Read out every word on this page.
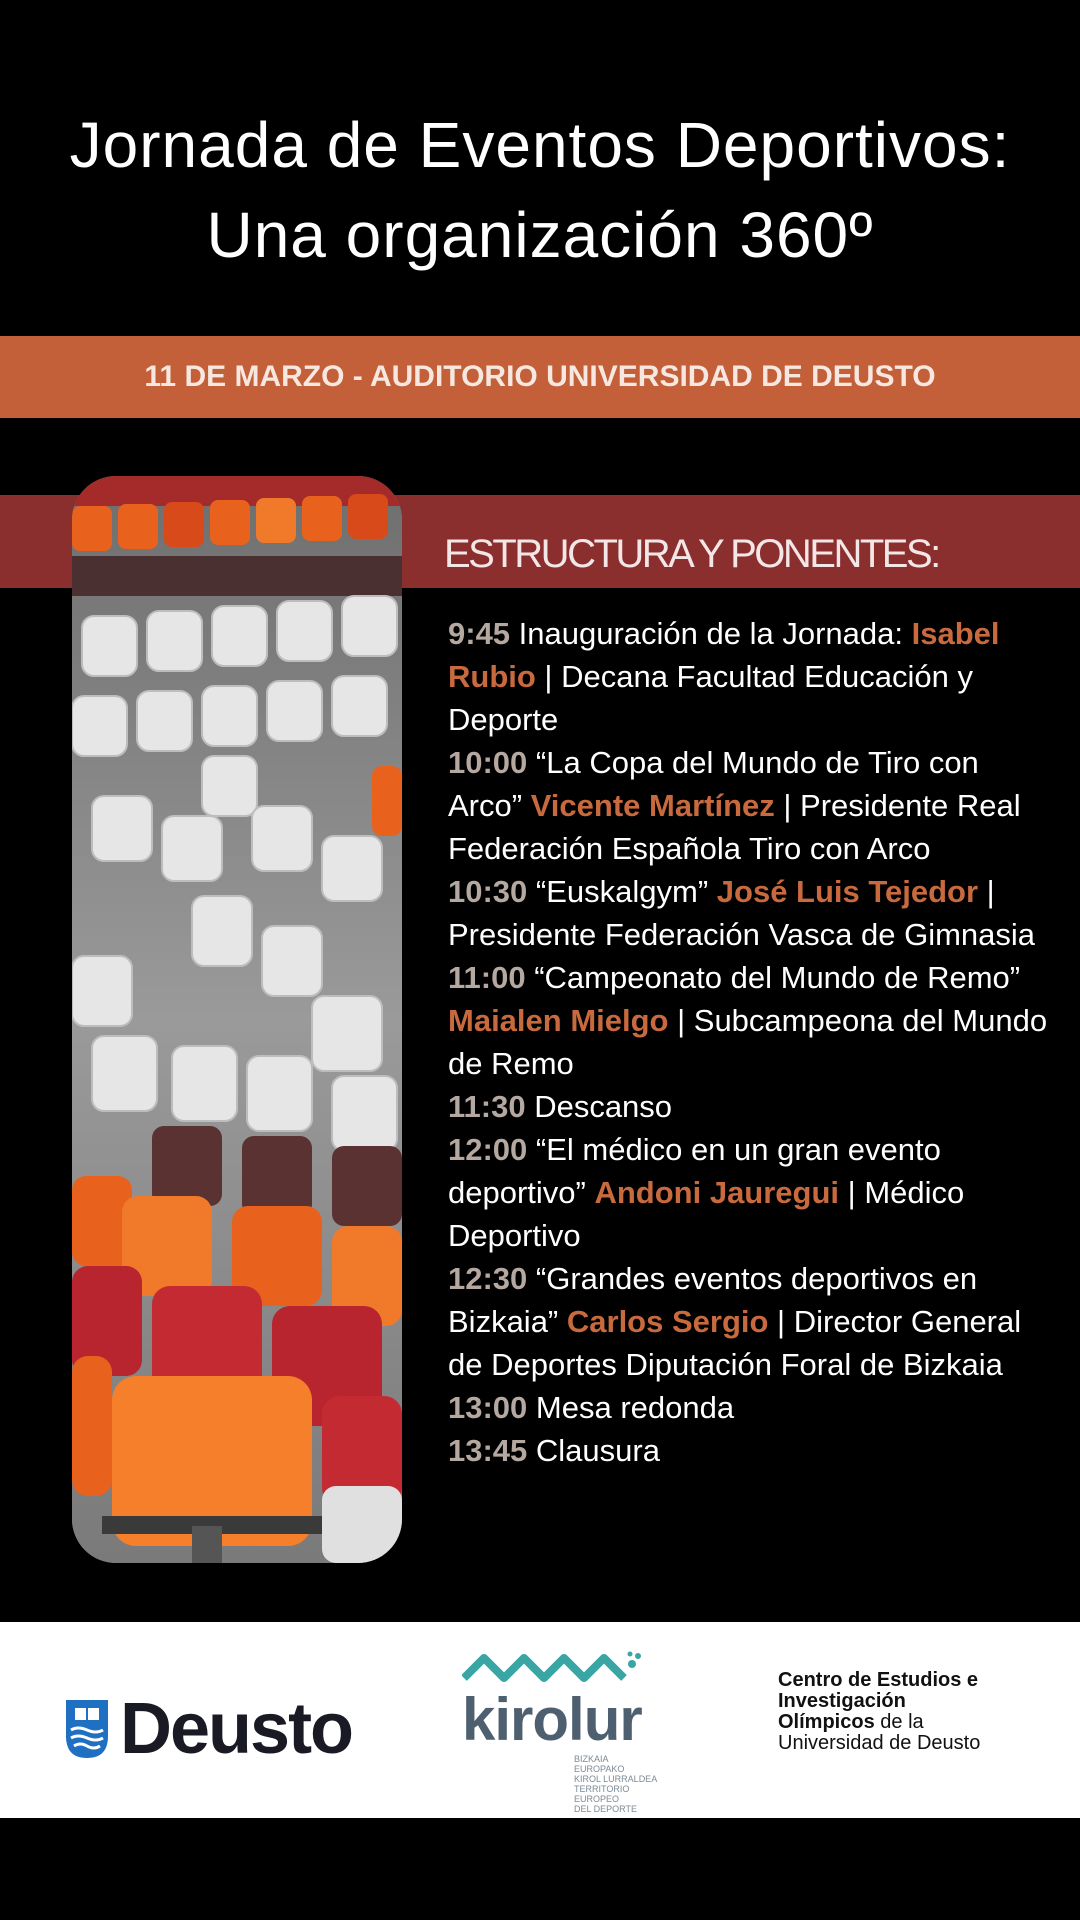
Jornada de Eventos Deportivos:
Una organización 360º
11 DE MARZO - AUDITORIO UNIVERSIDAD DE DEUSTO
ESTRUCTURA Y PONENTES:

9:45 Inauguración de la Jornada: Isabel Rubio | Decana Facultad Educación y Deporte

10:00 “La Copa del Mundo de Tiro con Arco” Vicente Martínez | Presidente Real Federación Española Tiro con Arco

10:30 “Euskalgym” José Luis Tejedor | Presidente Federación Vasca de Gimnasia

11:00 “Campeonato del Mundo de Remo” Maialen Mielgo | Subcampeona del Mundo de Remo

11:30 Descanso

12:00 “El médico en un gran evento deportivo” Andoni Jauregui | Médico Deportivo

12:30 “Grandes eventos deportivos en Bizkaia” Carlos Sergio | Director General de Deportes Diputación Foral de Bizkaia

13:00 Mesa redonda

13:45 Clausura

Deusto kirolur
BIZKAIA
EUROPAKO
KIROL LURRALDEA
TERRITORIO EUROPEO
DEL DEPORTE
Centro de Estudios e Investigación Olímpicos de la Universidad de Deusto
